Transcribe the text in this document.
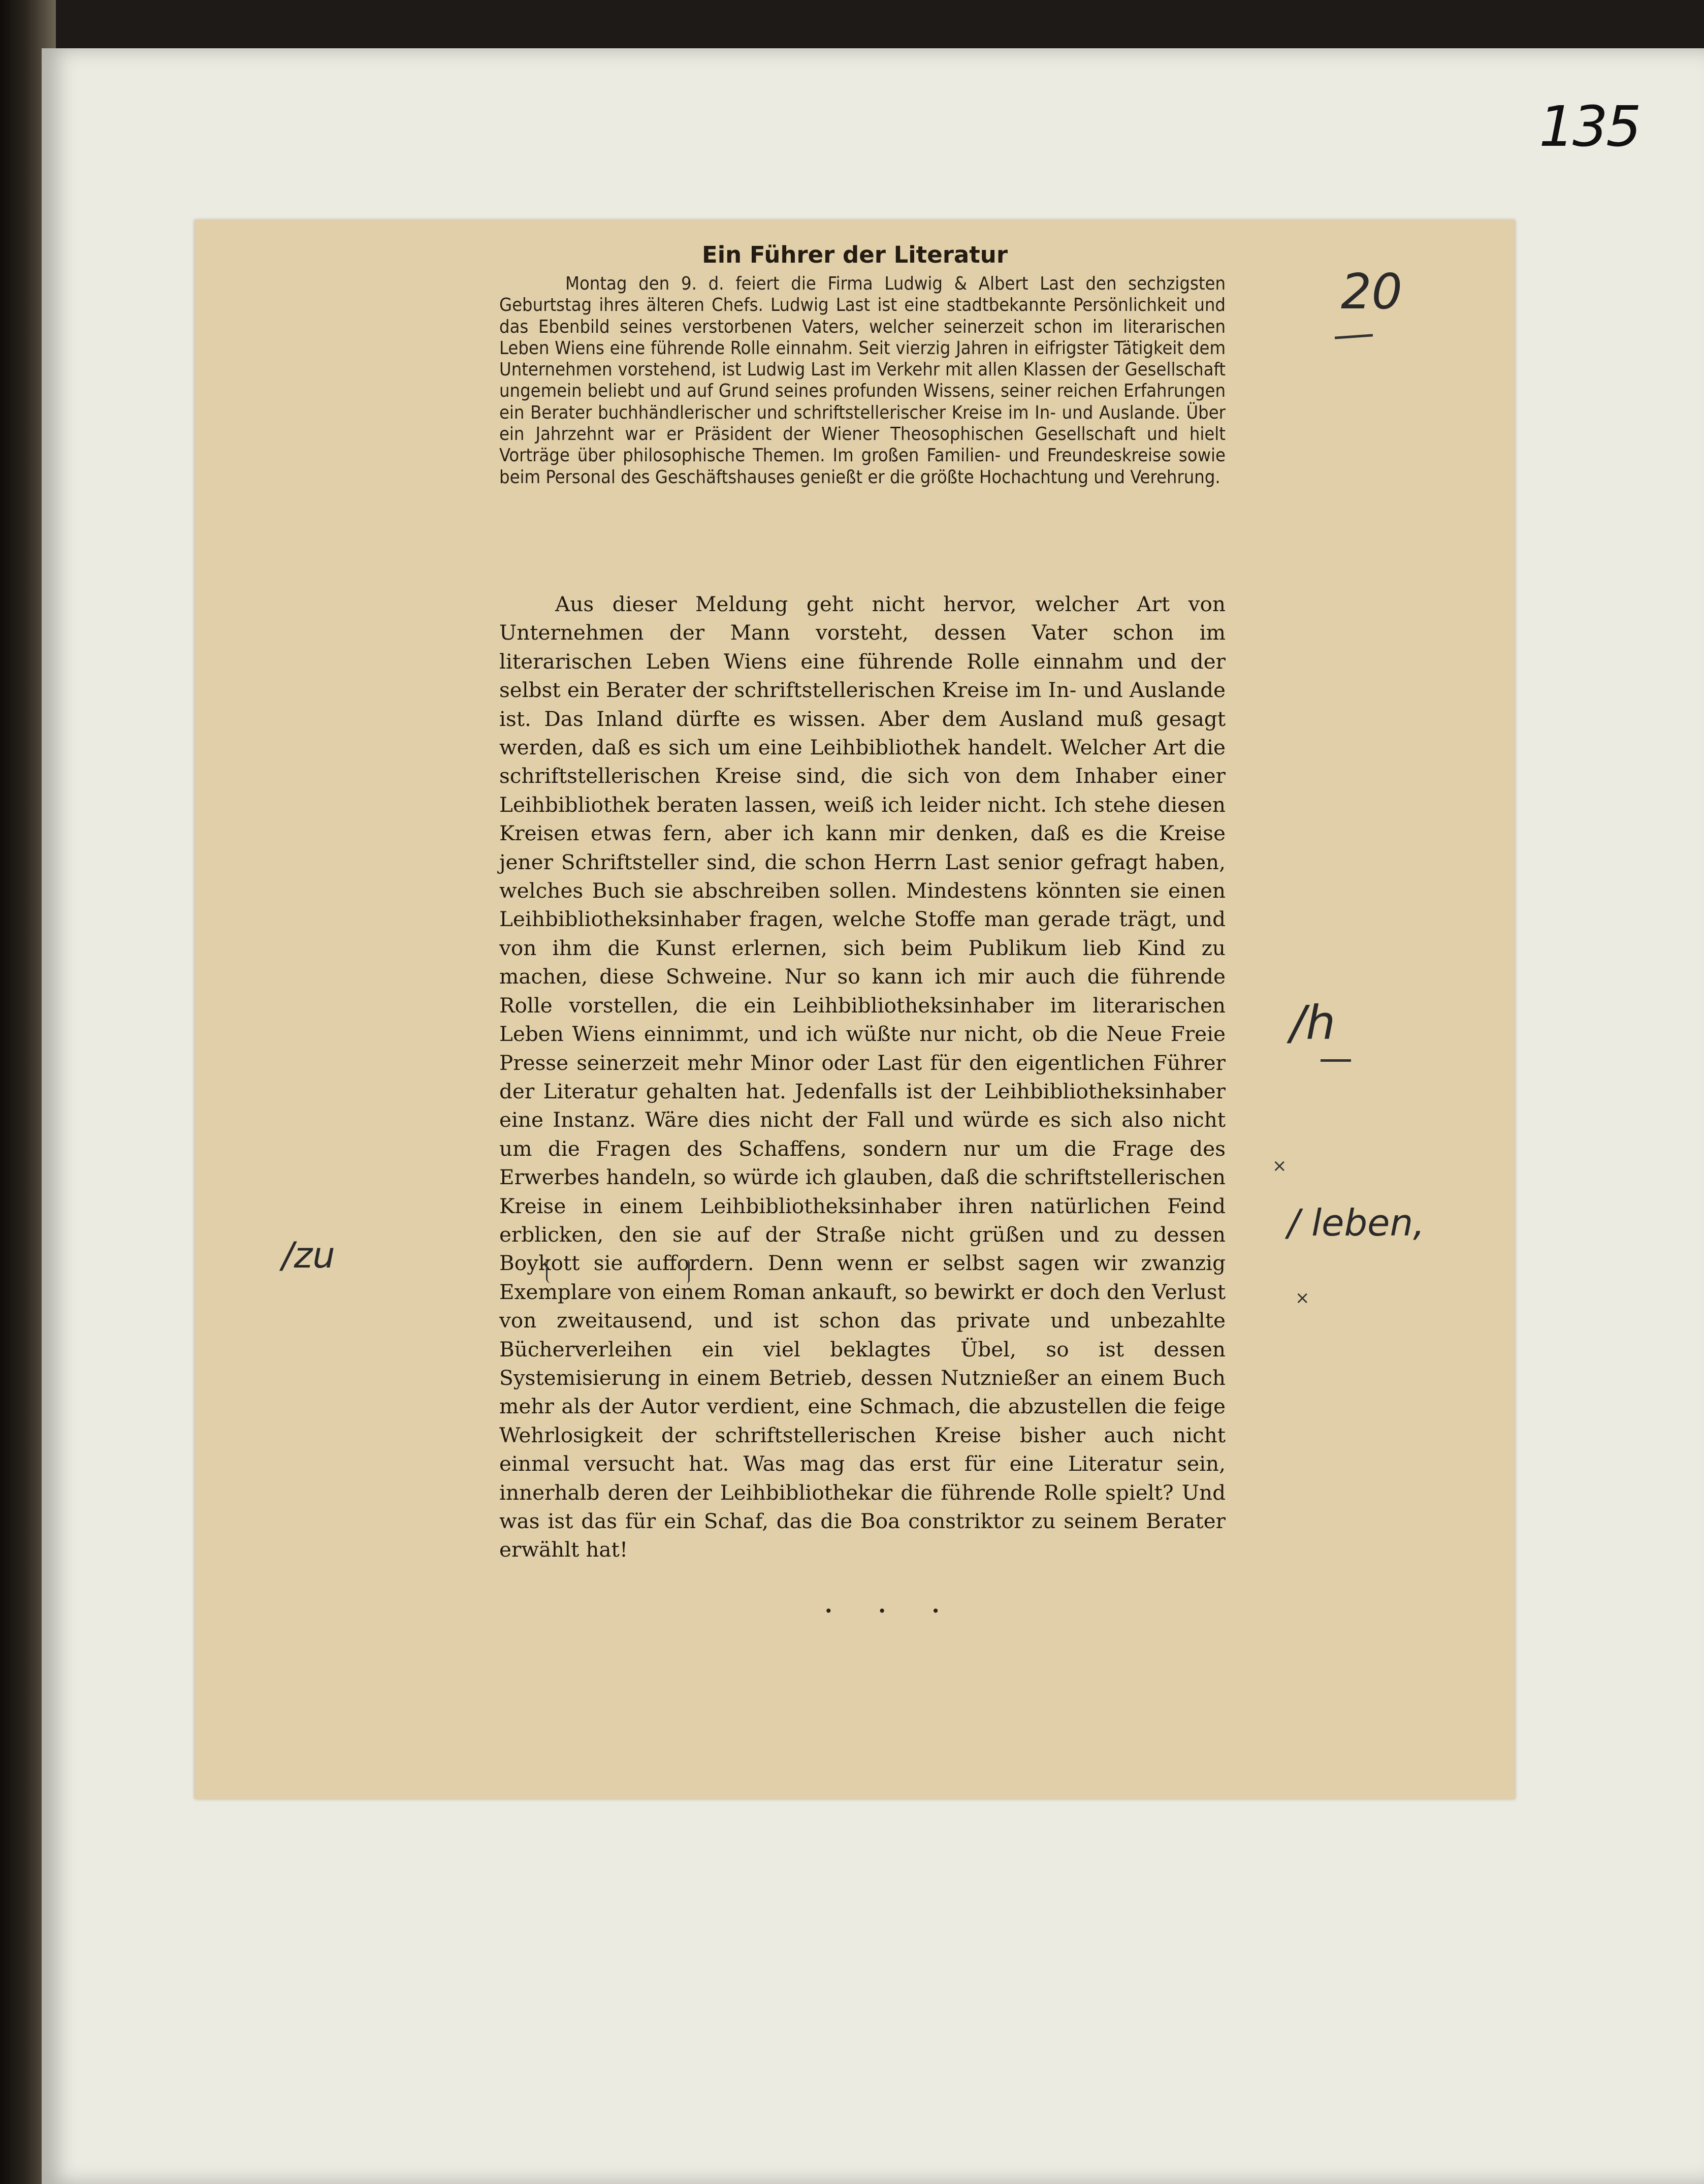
135
Ein Führer der Literatur

Montag den 9. d. feiert die Firma Ludwig & Albert Last den sechzigsten Geburtstag ihres älteren Chefs. Ludwig Last ist eine stadtbekannte Persönlichkeit und das Ebenbild seines verstorbenen Vaters, welcher seinerzeit schon im literarischen Leben Wiens eine führende Rolle einnahm. Seit vierzig Jahren in eifrigster Tätigkeit dem Unternehmen vorstehend, ist Ludwig Last im Verkehr mit allen Klassen der Gesellschaft ungemein beliebt und auf Grund seines profunden Wissens, seiner reichen Erfahrungen ein Berater buchhändlerischer und schriftstellerischer Kreise im In- und Auslande. Über ein Jahrzehnt war er Präsident der Wiener Theosophischen Gesellschaft und hielt Vorträge über philosophische Themen. Im großen Familien- und Freundeskreise sowie beim Personal des Geschäftshauses genießt er die größte Hochachtung und Verehrung.

Aus dieser Meldung geht nicht hervor, welcher Art von Unternehmen der Mann vorsteht, dessen Vater schon im literarischen Leben Wiens eine führende Rolle einnahm und der selbst ein Berater der schriftstellerischen Kreise im In- und Auslande ist. Das Inland dürfte es wissen. Aber dem Ausland muß gesagt werden, daß es sich um eine Leihbibliothek handelt. Welcher Art die schriftstellerischen Kreise sind, die sich von dem Inhaber einer Leihbibliothek beraten lassen, weiß ich leider nicht. Ich stehe diesen Kreisen etwas fern, aber ich kann mir denken, daß es die Kreise jener Schriftsteller sind, die schon Herrn Last senior gefragt haben, welches Buch sie abschreiben sollen. Mindestens könnten sie einen Leihbibliotheksinhaber fragen, welche Stoffe man gerade trägt, und von ihm die Kunst erlernen, sich beim Publikum lieb Kind zu machen, diese Schweine. Nur so kann ich mir auch die führende Rolle vorstellen, die ein Leihbibliotheksinhaber im literarischen Leben Wiens einnimmt, und ich wüßte nur nicht, ob die Neue Freie Presse seinerzeit mehr Minor oder Last für den eigentlichen Führer der Literatur gehalten hat. Jedenfalls ist der Leihbibliotheksinhaber eine Instanz. Wäre dies nicht der Fall und würde es sich also nicht um die Fragen des Schaffens, sondern nur um die Frage des Erwerbes handeln, so würde ich glauben, daß die schriftstellerischen Kreise in einem Leihbibliotheksinhaber ihren natürlichen Feind erblicken, den sie auf der Straße nicht grüßen und zu dessen Boykott sie auffordern. Denn wenn er selbst sagen wir zwanzig Exemplare von einem Roman ankauft, so bewirkt er doch den Verlust von zweitausend, und ist schon das private und unbezahlte Bücherverleihen ein viel beklagtes Übel, so ist dessen Systemisierung in einem Betrieb, dessen Nutznießer an einem Buch mehr als der Autor verdient, eine Schmach, die abzustellen die feige Wehrlosigkeit der schriftstellerischen Kreise bisher auch nicht einmal versucht hat. Was mag das erst für eine Literatur sein, innerhalb deren der Leihbibliothekar die führende Rolle spielt? Und was ist das für ein Schaf, das die Boa constriktor zu seinem Berater erwählt hat!

• • •
20
/h
/zu
/ leben,
×
×
